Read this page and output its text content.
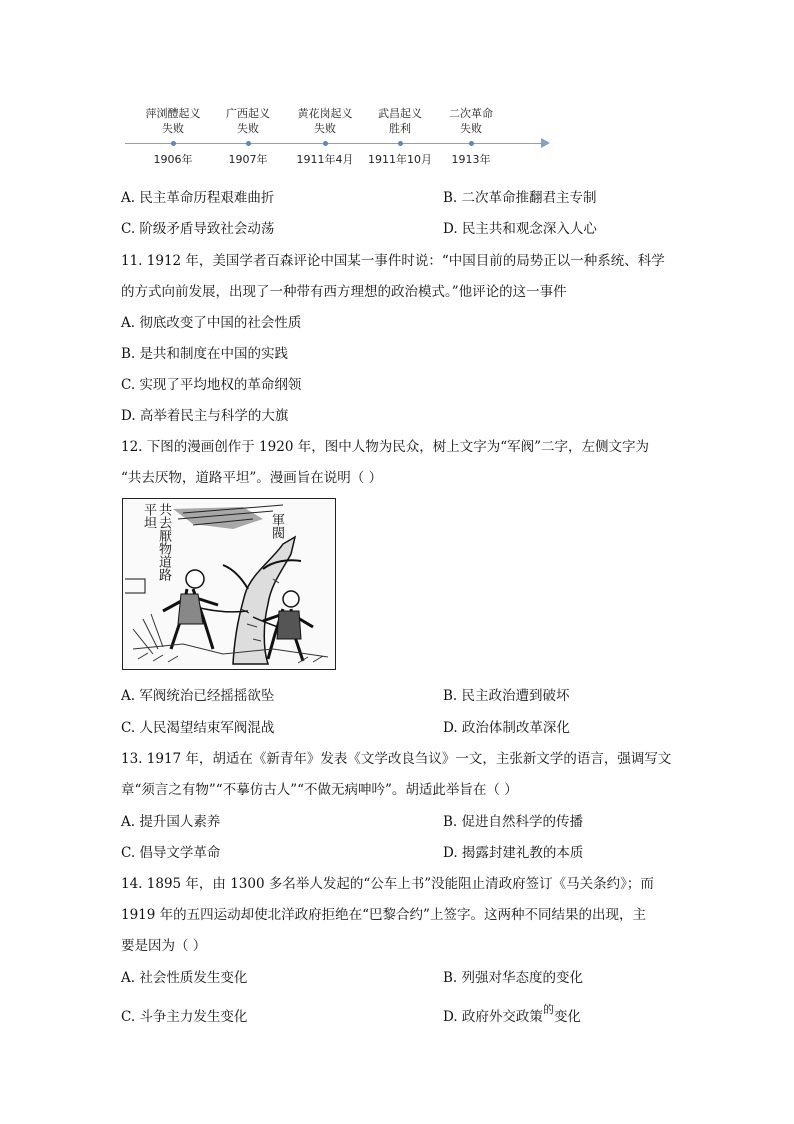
萍浏醴起义
失败
1906年
广西起义
失败
1907年
黄花岗起义
失败
1911年4月
武昌起义
胜利
1911年10月
二次革命
失败
1913年
A. 民主革命历程艰难曲折	B. 二次革命推翻君主专制
C. 阶级矛盾导致社会动荡	D. 民主共和观念深入人心
11. 1912 年，美国学者百森评论中国某一事件时说：“中国目前的局势正以一种系统、科学
的方式向前发展，出现了一种带有西方理想的政治模式。”他评论的这一事件
A. 彻底改变了中国的社会性质
B. 是共和制度在中国的实践
C. 实现了平均地权的革命纲领
D. 高举着民主与科学的大旗
12. 下图的漫画创作于 1920 年，图中人物为民众，树上文字为“军阀”二字，左侧文字为
“共去厌物，道路平坦”。漫画旨在说明（ ）
共去厭物道路平坦	軍閥
A. 军阀统治已经摇摇欲坠	B. 民主政治遭到破坏
C. 人民渴望结束军阀混战	D. 政治体制改革深化
13. 1917 年，胡适在《新青年》发表《文学改良刍议》一文，主张新文学的语言，强调写文
章“须言之有物”“不摹仿古人”“不做无病呻吟”。胡适此举旨在（ ）
A. 提升国人素养	B. 促进自然科学的传播
C. 倡导文学革命	D. 揭露封建礼教的本质
14. 1895 年，由 1300 多名举人发起的“公车上书”没能阻止清政府签订《马关条约》；而
1919 年的五四运动却使北洋政府拒绝在“巴黎合约”上签字。这两种不同结果的出现，主
要是因为（ ）
A. 社会性质发生变化	B. 列强对华态度的变化
C. 斗争主力发生变化	D. 政府外交政策$^的$变化
